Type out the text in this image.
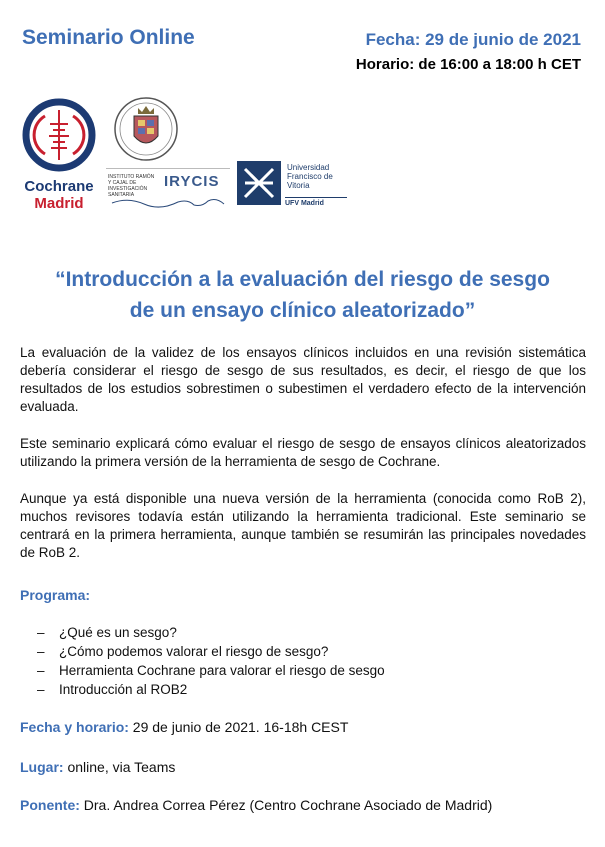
Seminario Online	Fecha: 29 de junio de 2021
Horario: de 16:00 a 18:00 h CET
Cochrane
Madrid
INSTITUTO RAMÓN Y CAJAL DE INVESTIGACIÓN SANITARIA
IRYCIS
Universidad
Francisco de
Vitoria
UFV Madrid
“Introducción a la evaluación del riesgo de sesgo
de un ensayo clínico aleatorizado”

La evaluación de la validez de los ensayos clínicos incluidos en una revisión sistemática debería considerar el riesgo de sesgo de sus resultados, es decir, el riesgo de que los resultados de los estudios sobrestimen o subestimen el verdadero efecto de la intervención evaluada.

Este seminario explicará cómo evaluar el riesgo de sesgo de ensayos clínicos aleatorizados utilizando la primera versión de la herramienta de sesgo de Cochrane.

Aunque ya está disponible una nueva versión de la herramienta (conocida como RoB 2), muchos revisores todavía están utilizando la herramienta tradicional. Este seminario se centrará en la primera herramienta, aunque también se resumirán las principales novedades de RoB 2.

Programa:
– ¿Qué es un sesgo?
– ¿Cómo podemos valorar el riesgo de sesgo?
– Herramienta Cochrane para valorar el riesgo de sesgo
– Introducción al ROB2
Fecha y horario: 29 de junio de 2021. 16-18h CEST
Lugar: online, via Teams
Ponente: Dra. Andrea Correa Pérez (Centro Cochrane Asociado de Madrid)
